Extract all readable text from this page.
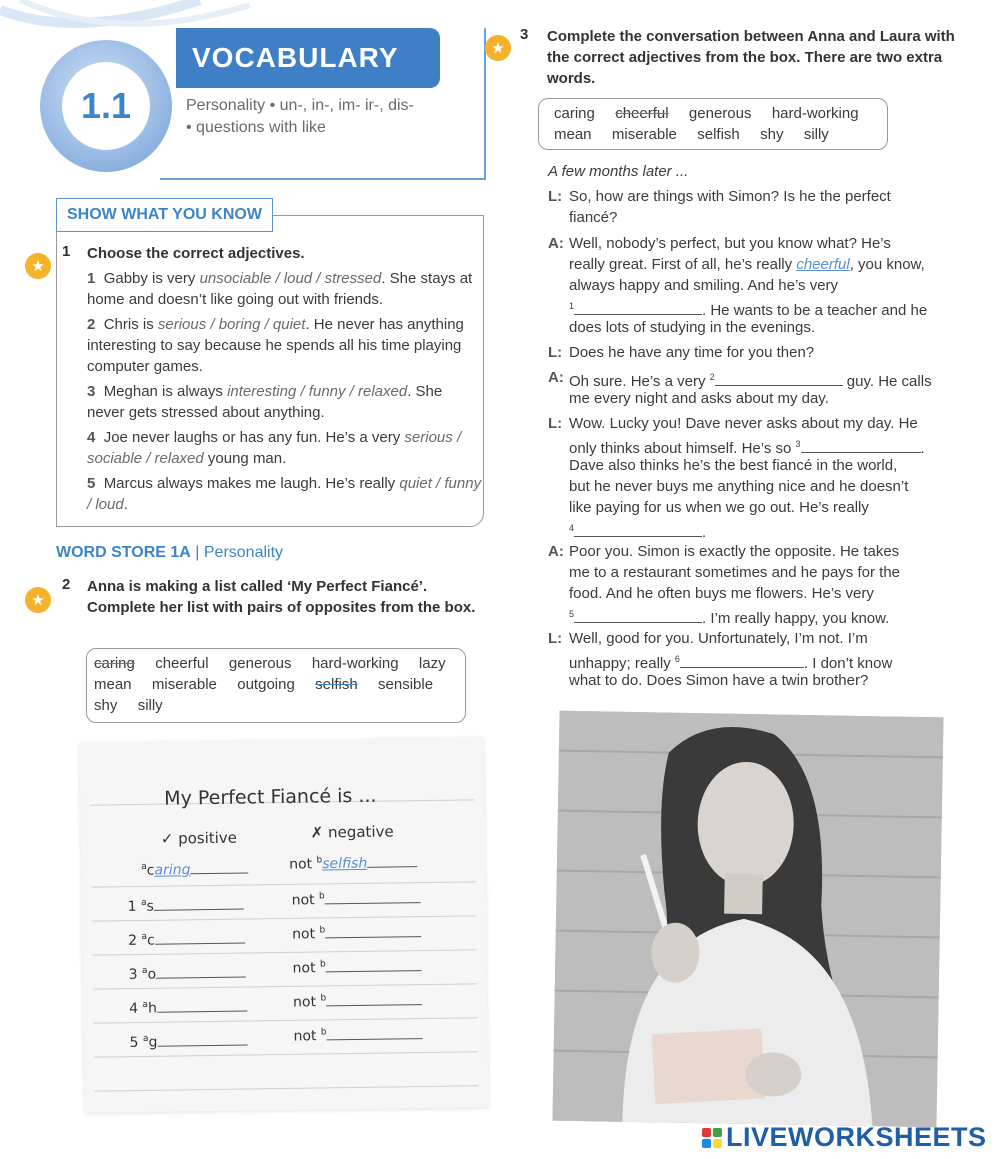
1.1
VOCABULARY
Personality • un-, in-, im- ir-, dis-
• questions with like
SHOW WHAT YOU KNOW
★
1 Choose the correct adjectives.
1 Gabby is very unsociable / loud / stressed. She stays at home and doesn’t like going out with friends.
2 Chris is serious / boring / quiet. He never has anything interesting to say because he spends all his time playing computer games.
3 Meghan is always interesting / funny / relaxed. She never gets stressed about anything.
4 Joe never laughs or has any fun. He’s a very serious / sociable / relaxed young man.
5 Marcus always makes me laugh. He’s really quiet / funny / loud.
WORD STORE 1A | Personality
★
2 Anna is making a list called ‘My Perfect Fiancé’. Complete her list with pairs of opposites from the box.
caring cheerful generous hard-working lazy
mean miserable outgoing selfish sensible
shy silly
My Perfect Fiancé is ...
✓ positive	✗ negative
$^a$caring	not $^b$selfish
1 $^a$s	not $^b$
2 $^a$c	not $^b$
3 $^a$o	not $^b$
4 $^a$h	not $^b$
5 $^a$g	not $^b$
★
3 Complete the conversation between Anna and Laura with the correct adjectives from the box. There are two extra words.
caring cheerful generous hard-working
mean miserable selfish shy silly
A few months later ...
L: So, how are things with Simon? Is he the perfect
fiancé?
A: Well, nobody’s perfect, but you know what? He’s
really great. First of all, he’s really cheerful, you know,
always happy and smiling. And he’s very
$^1$	. He wants to be a teacher and he
does lots of studying in the evenings.
L: Does he have any time for you then?
A: Oh sure. He’s a very $^2$	guy. He calls
me every night and asks about my day.
L: Wow. Lucky you! Dave never asks about my day. He
only thinks about himself. He’s so $^3$	.
Dave also thinks he’s the best fiancé in the world,
but he never buys me anything nice and he doesn’t
like paying for us when we go out. He’s really
$^4$	.
A: Poor you. Simon is exactly the opposite. He takes
me to a restaurant sometimes and he pays for the
food. And he often buys me flowers. He’s very
$^5$	. I’m really happy, you know.
L: Well, good for you. Unfortunately, I’m not. I’m
unhappy; really $^6$	. I don’t know
what to do. Does Simon have a twin brother?
LIVEWORKSHEETS
